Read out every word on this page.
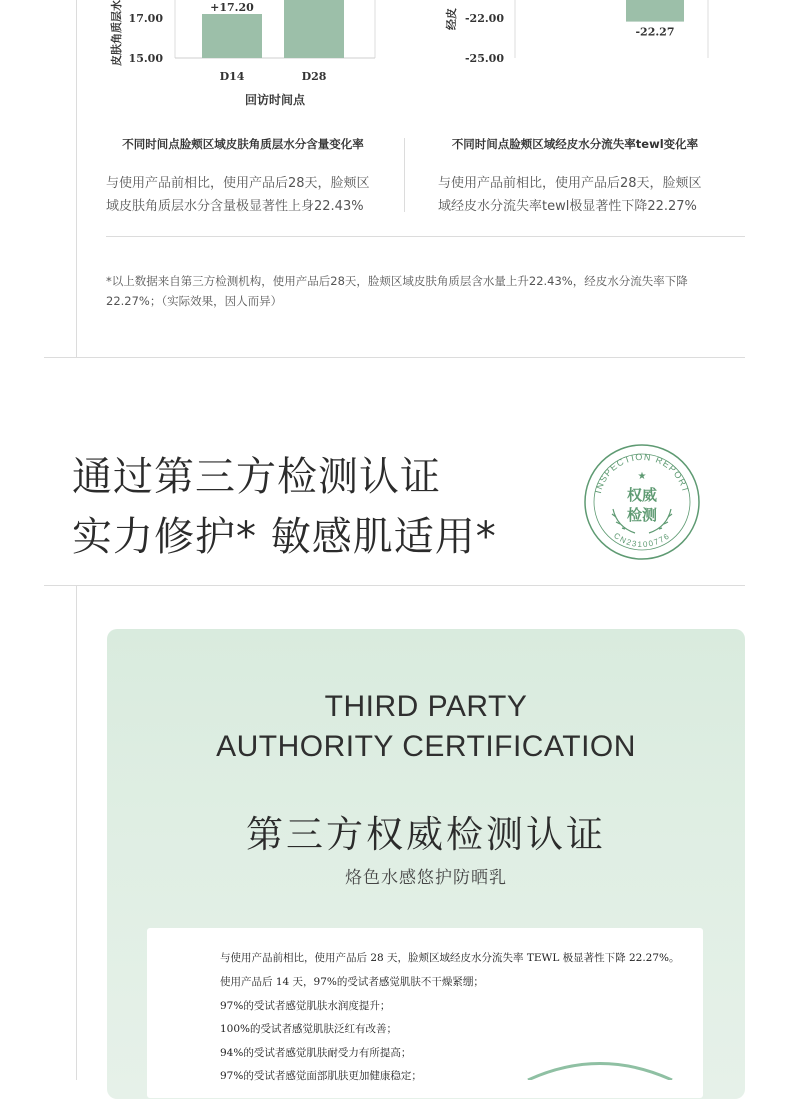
皮肤角质层水 17.00
15.00
+17.20
D14	D28
回访时间点
经皮 -22.00
-25.00
-22.27
不同时间点脸颊区域皮肤角质层水分含量变化率	不同时间点脸颊区域经皮水分流失率tewl变化率
与使用产品前相比，使用产品后28天，脸颊区
域皮肤角质层水分含量极显著性上身22.43%
与使用产品前相比，使用产品后28天，脸颊区
域经皮水分流失率tewl极显著性下降22.27%
*以上数据来自第三方检测机构，使用产品后28天，脸颊区域皮肤角质层含水量上升22.43%，经皮水分流失率下降
22.27%；（实际效果，因人而异）
通过第三方检测认证
实力修护* 敏感肌适用*
INSPECTION REPORT
CN23100776
★
权威
检测
THIRD PARTY
AUTHORITY CERTIFICATION
第三方权威检测认证
烙色水感悠护防晒乳
与使用产品前相比，使用产品后 28 天，脸颊区域经皮水分流失率 TEWL 极显著性下降 22.27%。
使用产品后 14 天，97%的受试者感觉肌肤不干燥紧绷；
97%的受试者感觉肌肤水润度提升；
100%的受试者感觉肌肤泛红有改善；
94%的受试者感觉肌肤耐受力有所提高；
97%的受试者感觉面部肌肤更加健康稳定；
